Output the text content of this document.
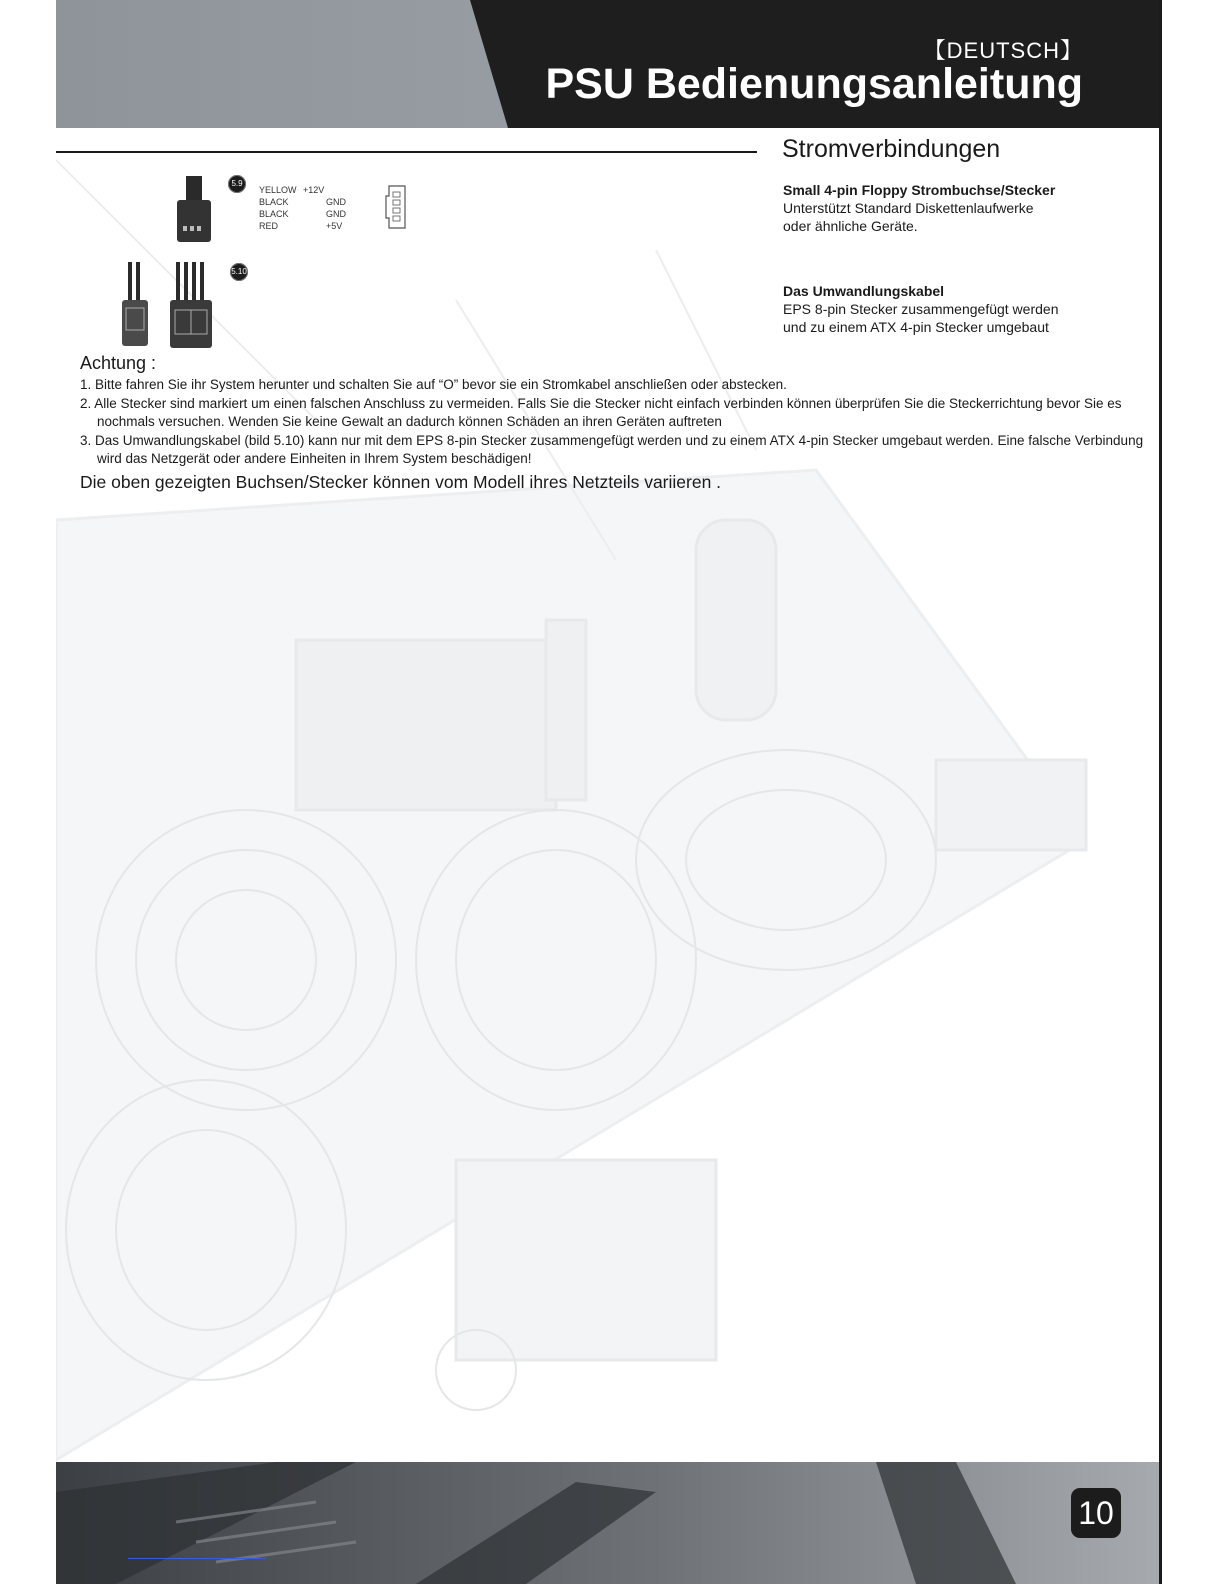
【DEUTSCH】
PSU Bedienungsanleitung
Stromverbindungen
Small 4-pin Floppy Strombuchse/Stecker
Unterstützt Standard Diskettenlaufwerke
oder ähnliche Geräte.
Das Umwandlungskabel
EPS 8-pin Stecker zusammengefügt werden
und zu einem ATX 4-pin Stecker umgebaut
5.9
YELLOW +12V
BLACK	GND
BLACK	GND
RED	+5V
5.10
Achtung :
1. Bitte fahren Sie ihr System herunter und schalten Sie auf “O” bevor sie ein Stromkabel anschließen oder abstecken.
2. Alle Stecker sind markiert um einen falschen Anschluss zu vermeiden. Falls Sie die Stecker nicht einfach verbinden können überprüfen Sie die Steckerrichtung bevor Sie es nochmals versuchen. Wenden Sie keine Gewalt an dadurch können Schäden an ihren Geräten auftreten
3. Das Umwandlungskabel (bild 5.10) kann nur mit dem EPS 8-pin Stecker zusammengefügt werden und zu einem ATX 4-pin Stecker umgebaut werden. Eine falsche Verbindung wird das Netzgerät oder andere Einheiten in Ihrem System beschädigen!
Die oben gezeigten Buchsen/Stecker können vom Modell ihres Netzteils variieren .
10
